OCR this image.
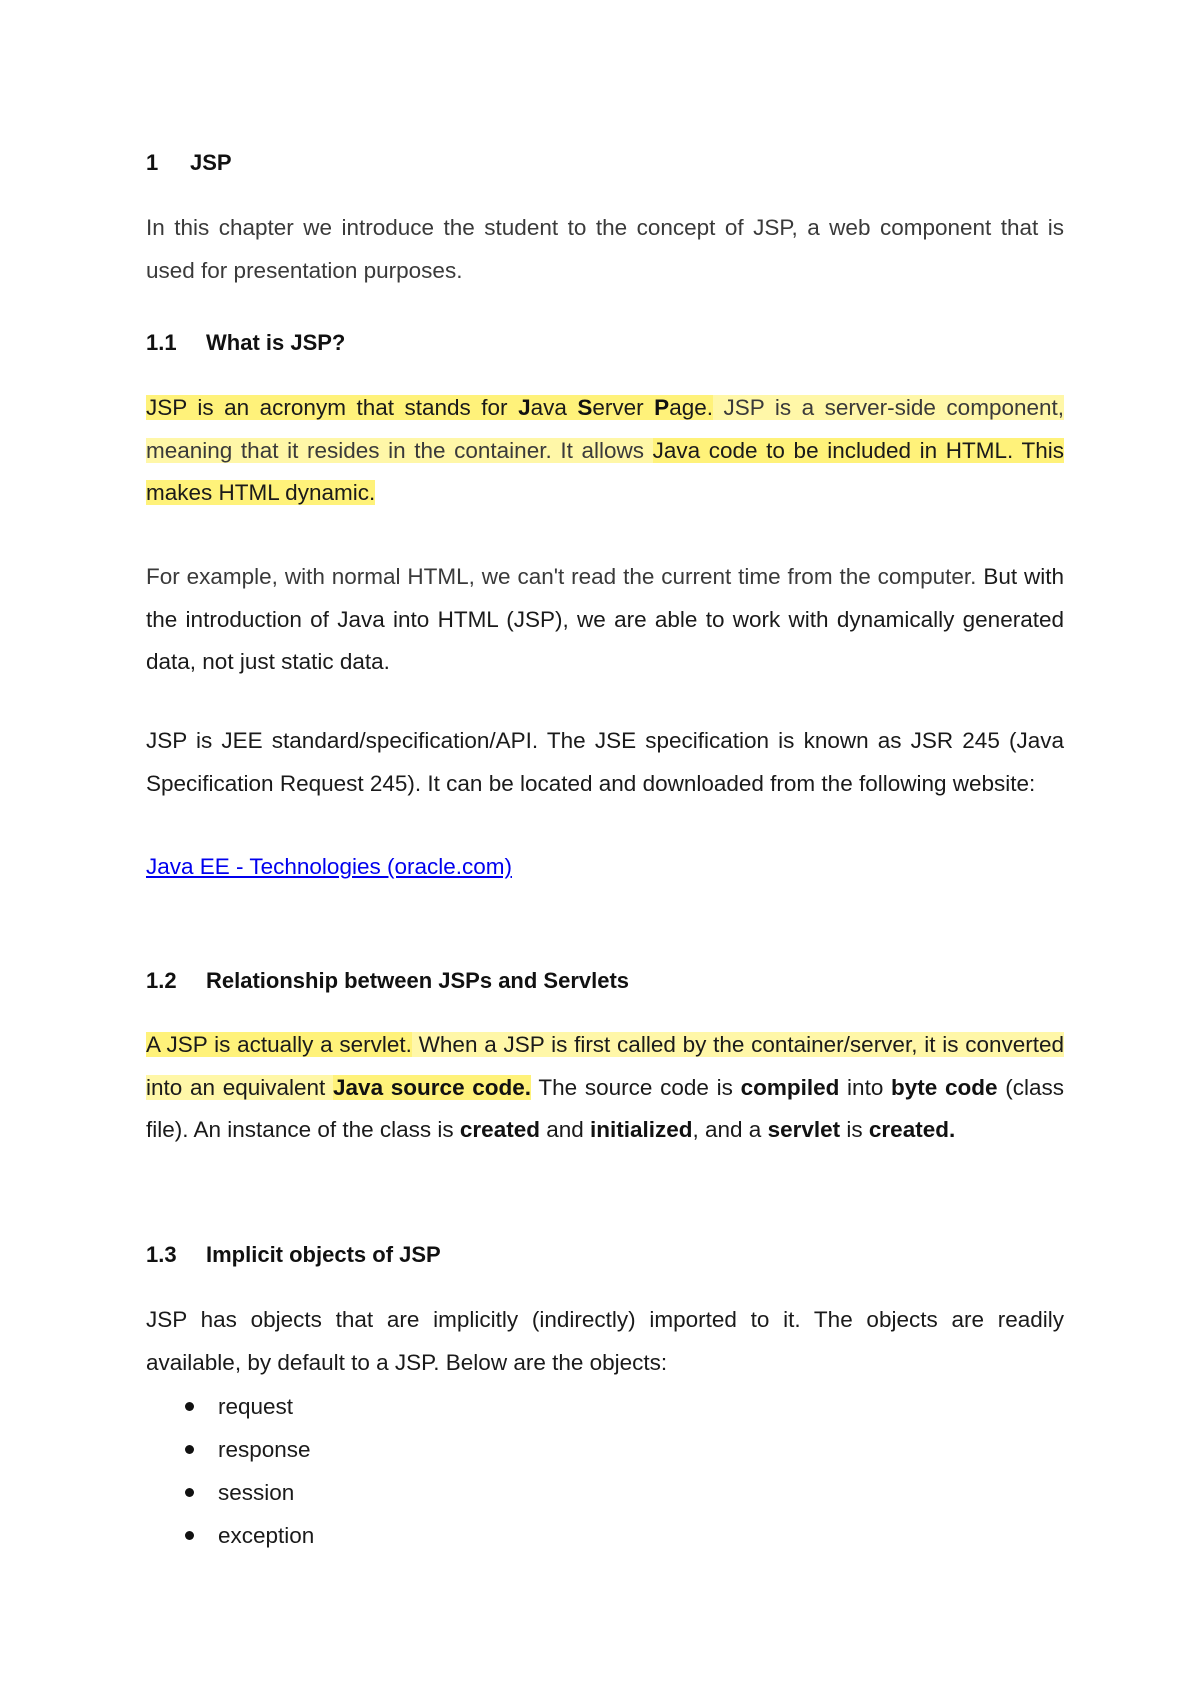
1 JSP
In this chapter we introduce the student to the concept of JSP, a web component that is used for presentation purposes.
1.1 What is JSP?
JSP is an acronym that stands for Java Server Page. JSP is a server-side component, meaning that it resides in the container. It allows Java code to be included in HTML. This makes HTML dynamic.
For example, with normal HTML, we can't read the current time from the computer. But with the introduction of Java into HTML (JSP), we are able to work with dynamically generated data, not just static data.
JSP is JEE standard/specification/API. The JSE specification is known as JSR 245 (Java Specification Request 245). It can be located and downloaded from the following website:
Java EE - Technologies (oracle.com)
1.2 Relationship between JSPs and Servlets
A JSP is actually a servlet. When a JSP is first called by the container/server, it is converted into an equivalent Java source code. The source code is compiled into byte code (class file). An instance of the class is created and initialized, and a servlet is created.
1.3 Implicit objects of JSP
JSP has objects that are implicitly (indirectly) imported to it. The objects are readily available, by default to a JSP. Below are the objects:
request
response
session
exception
